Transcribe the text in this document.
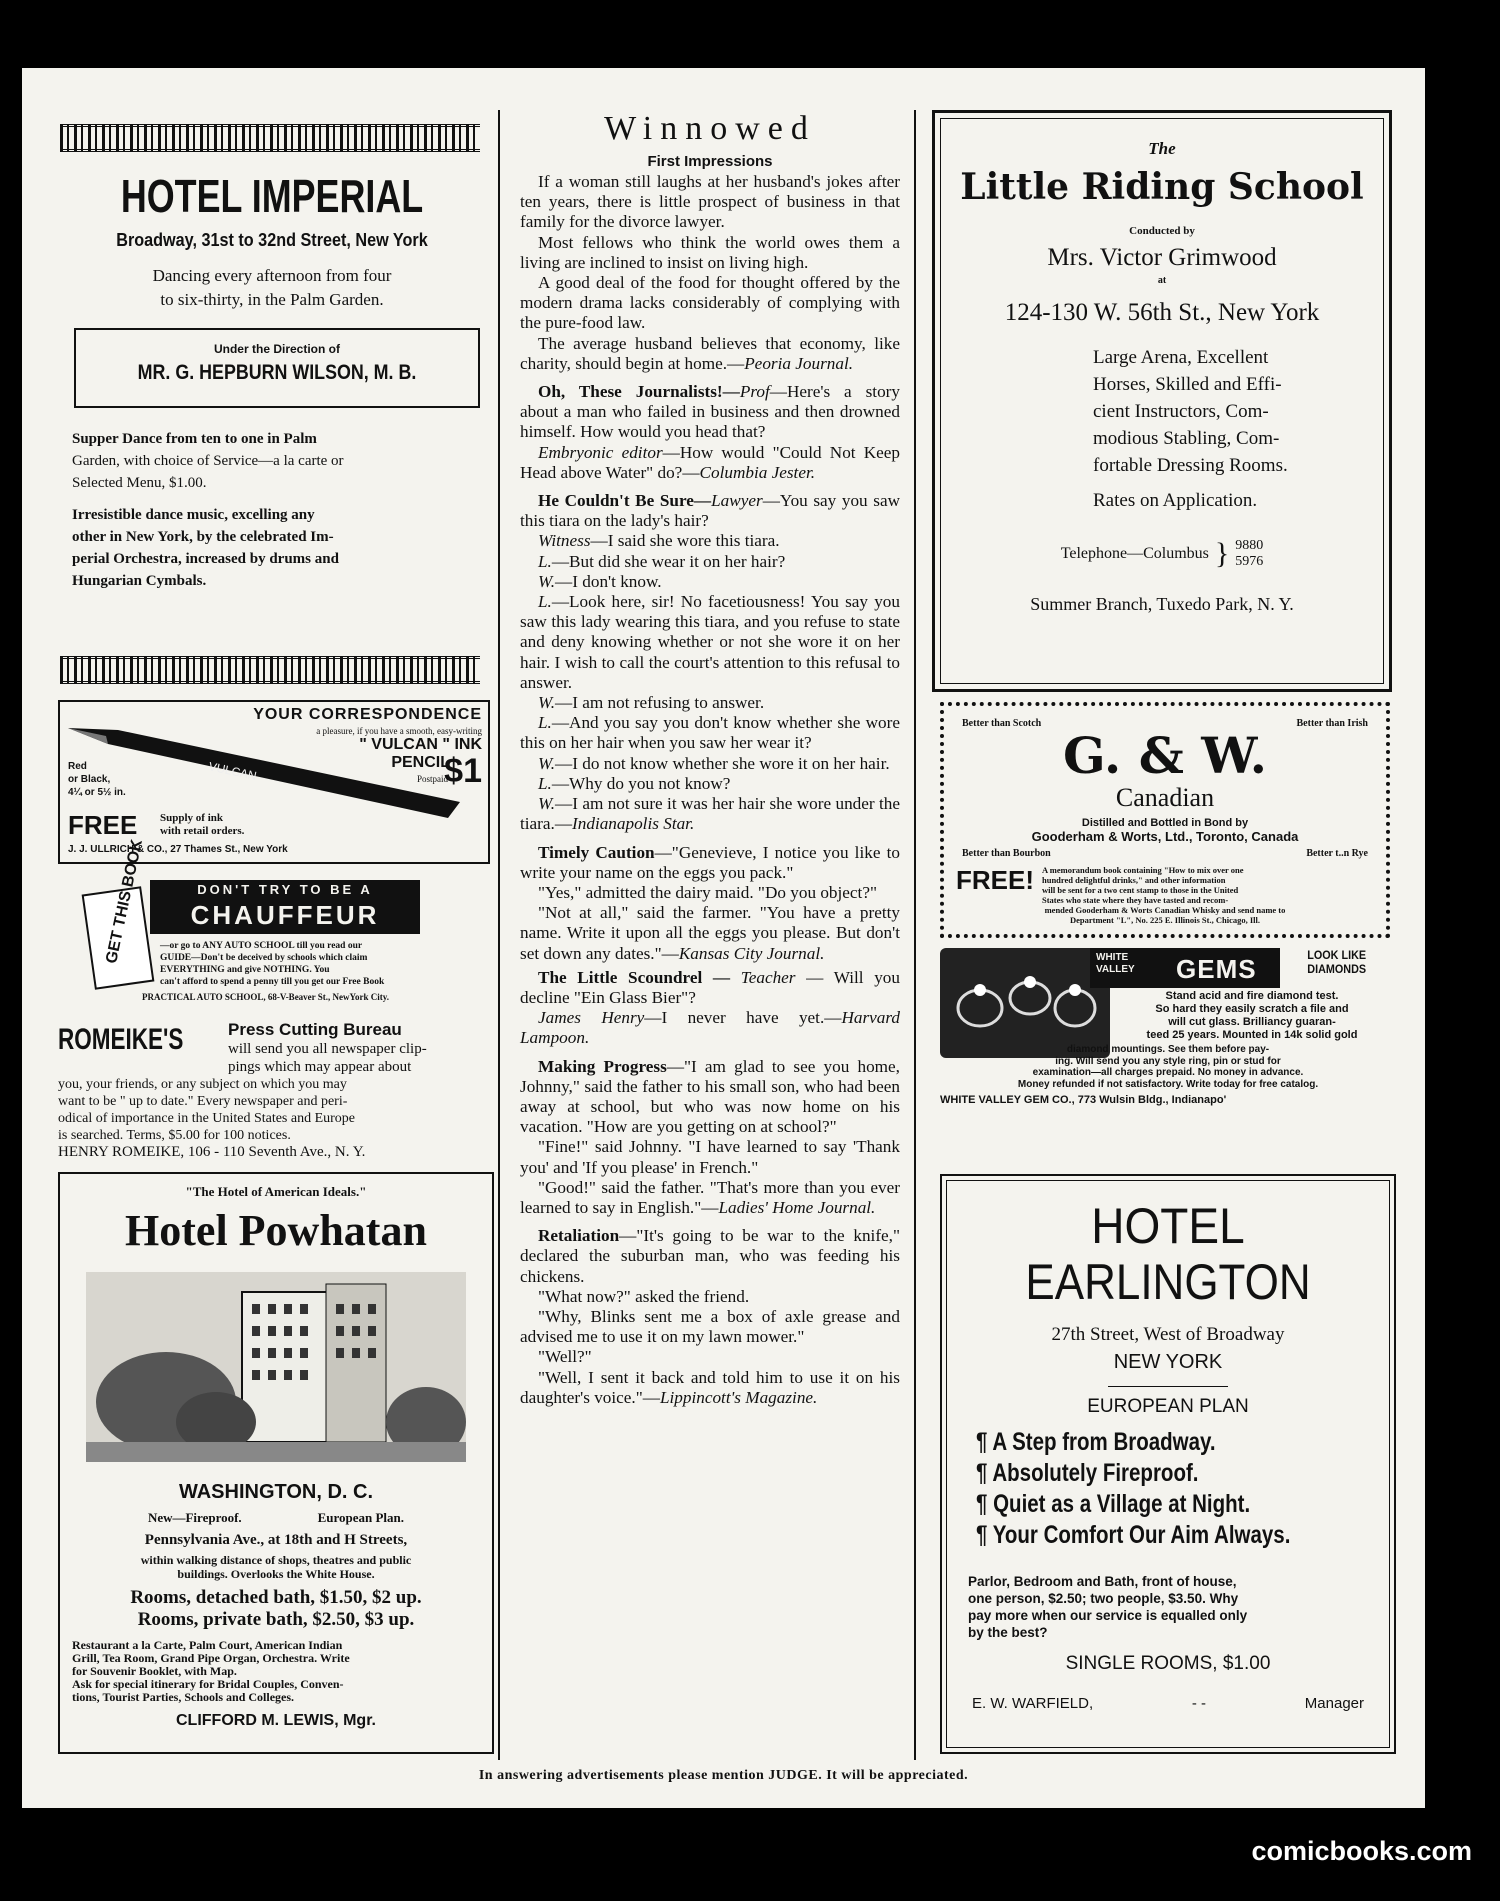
HOTEL IMPERIAL
Broadway, 31st to 32nd Street, New York
Dancing every afternoon from four
to six-thirty, in the Palm Garden.
Under the Direction of
MR. G. HEPBURN WILSON, M. B.
Supper Dance from ten to one in Palm
Garden, with choice of Service—a la carte or
Selected Menu, $1.00.
Irresistible dance music, excelling any
other in New York, by the celebrated Im-
perial Orchestra, increased by drums and
Hungarian Cymbals.
YOUR CORRESPONDENCE
a pleasure, if you have a smooth, easy-writing
" VULCAN " INK
PENCIL
$1
Postpaid
VULCAN
Red
or Black,
4¼ or 5½ in.
FREE Supply of ink
with retail orders.
J. J. ULLRICH & CO., 27 Thames St., New York
GET THIS BOOK
DON'T TRY TO BE A
CHAUFFEUR
—or go to ANY AUTO SCHOOL till you read our
GUIDE—Don't be deceived by schools which claim
EVERYTHING and give NOTHING. You
can't afford to spend a penny till you get our Free Book
PRACTICAL AUTO SCHOOL, 68-V-Beaver St., NewYork City.
ROMEIKE'S	Press Cutting Bureau
will send you all newspaper clip-
pings which may appear about
you, your friends, or any subject on which you may
want to be " up to date." Every newspaper and peri-
odical of importance in the United States and Europe
is searched. Terms, $5.00 for 100 notices.
HENRY ROMEIKE, 106 - 110 Seventh Ave., N. Y.
"The Hotel of American Ideals."
Hotel Powhatan
WASHINGTON, D. C.
New—Fireproof.	European Plan.
Pennsylvania Ave., at 18th and H Streets,
within walking distance of shops, theatres and public
buildings. Overlooks the White House.
Rooms, detached bath, $1.50, $2 up.
Rooms, private bath, $2.50, $3 up.
Restaurant a la Carte, Palm Court, American Indian
Grill, Tea Room, Grand Pipe Organ, Orchestra. Write
for Souvenir Booklet, with Map.
Ask for special itinerary for Bridal Couples, Conven-
tions, Tourist Parties, Schools and Colleges.
CLIFFORD M. LEWIS, Mgr.
Winnowed
First Impressions

If a woman still laughs at her husband's jokes after ten years, there is little prospect of business in that family for the divorce lawyer.

Most fellows who think the world owes them a living are inclined to insist on living high.

A good deal of the food for thought offered by the modern drama lacks considerably of complying with the pure-food law.

The average husband believes that economy, like charity, should begin at home.—Peoria Journal.

Oh, These Journalists!—Prof—Here's a story about a man who failed in business and then drowned himself. How would you head that?

Embryonic editor—How would "Could Not Keep Head above Water" do?—Columbia Jester.

He Couldn't Be Sure—Lawyer—You say you saw this tiara on the lady's hair?

Witness—I said she wore this tiara.

L.—But did she wear it on her hair?

W.—I don't know.

L.—Look here, sir! No facetiousness! You say you saw this lady wearing this tiara, and you refuse to state and deny knowing whether or not she wore it on her hair. I wish to call the court's attention to this refusal to answer.

W.—I am not refusing to answer.

L.—And you say you don't know whether she wore this on her hair when you saw her wear it?

W.—I do not know whether she wore it on her hair.

L.—Why do you not know?

W.—I am not sure it was her hair she wore under the tiara.—Indianapolis Star.

Timely Caution—"Genevieve, I notice you like to write your name on the eggs you pack."

"Yes," admitted the dairy maid. "Do you object?"

"Not at all," said the farmer. "You have a pretty name. Write it upon all the eggs you please. But don't set down any dates."—Kansas City Journal.

The Little Scoundrel — Teacher — Will you decline "Ein Glass Bier"?

James Henry—I never have yet.—Harvard Lampoon.

Making Progress—"I am glad to see you home, Johnny," said the father to his small son, who had been away at school, but who was now home on his vacation. "How are you getting on at school?"

"Fine!" said Johnny. "I have learned to say 'Thank you' and 'If you please' in French."

"Good!" said the father. "That's more than you ever learned to say in English."—Ladies' Home Journal.

Retaliation—"It's going to be war to the knife," declared the suburban man, who was feeding his chickens.

"What now?" asked the friend.

"Why, Blinks sent me a box of axle grease and advised me to use it on my lawn mower."

"Well?"

"Well, I sent it back and told him to use it on his daughter's voice."—Lippincott's Magazine.

The
Little Riding School
Conducted by
Mrs. Victor Grimwood
at
124-130 W. 56th St., New York
Large Arena, Excellent
Horses, Skilled and Effi-
cient Instructors, Com-
modious Stabling, Com-
fortable Dressing Rooms.
Rates on Application.
Telephone—Columbus } 9880
5976
Summer Branch, Tuxedo Park, N. Y.
Better than Scotch	Better than Irish
G. & W.
Canadian
Distilled and Bottled in Bond by
Gooderham & Worts, Ltd., Toronto, Canada
Better than Bourbon	Better t..n Rye
FREE! A memorandum book containing "How to mix over one
hundred delightful drinks," and other information
will be sent for a two cent stamp to those in the United
States who state where they have tasted and recom-
mended Gooderham & Worts Canadian Whisky and send name to
Department "L", No. 225 E. Illinois St., Chicago, Ill.
WHITE
VALLEY GEMS	LOOK LIKE
DIAMONDS
Stand acid and fire diamond test.
So hard they easily scratch a file and
will cut glass. Brilliancy guaran-
teed 25 years. Mounted in 14k solid gold
diamond mountings. See them before pay-
ing. Will send you any style ring, pin or stud for
examination—all charges prepaid. No money in advance.
Money refunded if not satisfactory. Write today for free catalog.
WHITE VALLEY GEM CO., 773 Wulsin Bldg., Indianapo'
HOTEL
EARLINGTON
27th Street, West of Broadway
NEW YORK
EUROPEAN PLAN
¶ A Step from Broadway.
¶ Absolutely Fireproof.
¶ Quiet as a Village at Night.
¶ Your Comfort Our Aim Always.
Parlor, Bedroom and Bath, front of house,
one person, $2.50; two people, $3.50. Why
pay more when our service is equalled only
by the best?
SINGLE ROOMS, $1.00
E. W. WARFIELD,	- -	Manager
In answering advertisements please mention JUDGE. It will be appreciated.
comicbooks.com
